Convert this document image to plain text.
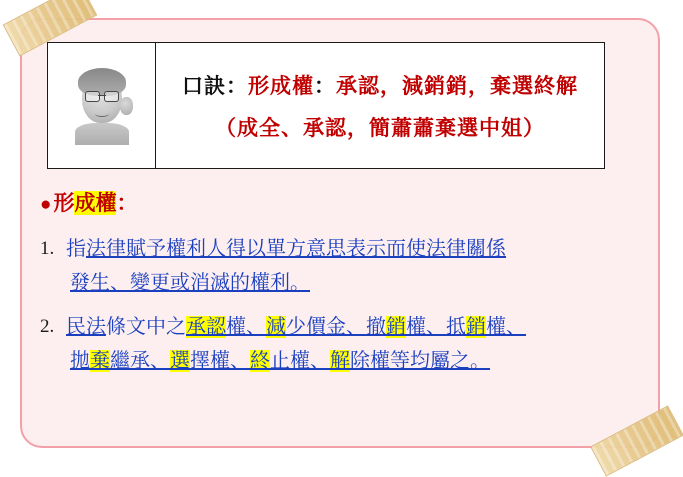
口訣：形成權：承認，減銷銷，棄選終解
（成全、承認，簡蕭蕭棄選中姐）
●形成權：
1. 指法律賦予權利人得以單方意思表示而使法律關係
發生、變更或消滅的權利。
2. 民法條文中之承認權、減少價金、撤銷權、抵銷權、
拋棄繼承、選擇權、終止權、解除權等均屬之。
